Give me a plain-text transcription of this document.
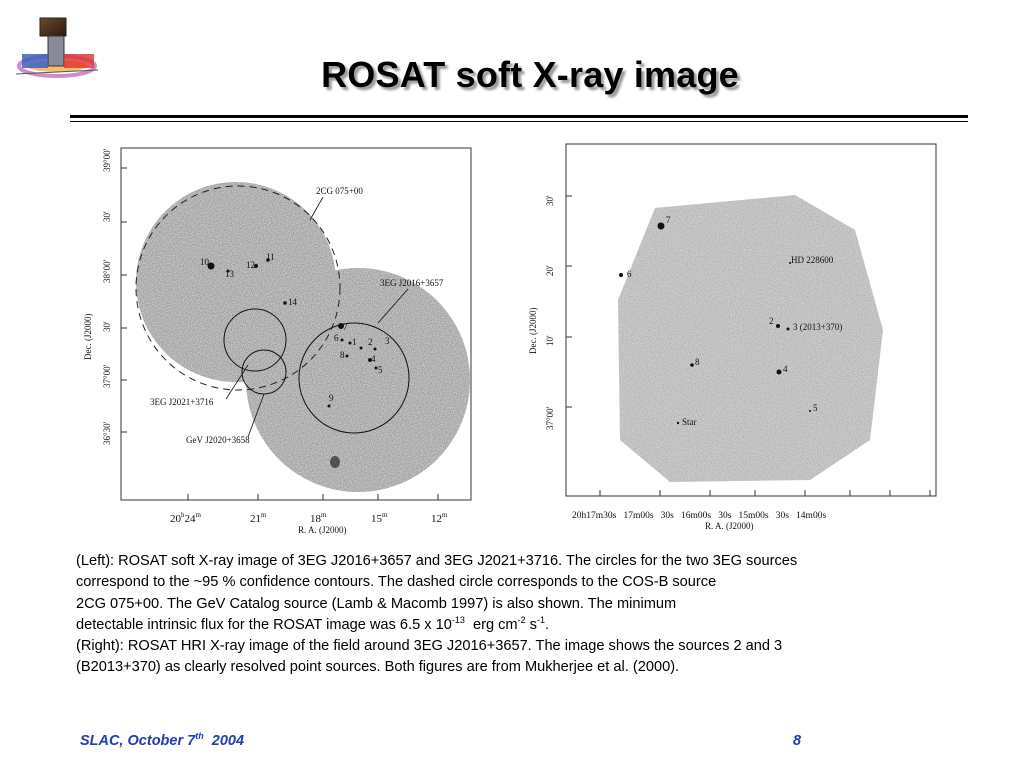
ROSAT soft X-ray image
10
13
12
11
14
7
6 1 2 3
8	4
5
9
2CG 075+00
3EG J2016+3657
3EG J2021+3716
GeV J2020+3658
39°00'
30'
38°00'
30'
37°00'
36°30'
Dec. (J2000)
20$^h$24$^m$	21$^m$	18$^m$	15$^m$	12$^m$
R. A. (J2000)
7
6
2
8
4
5
HD 228600
3 (2013+370)
Star
30'
20'
10'
37°00'
Dec. (J2000)
20h17m30s   17m00s   30s   16m00s   30s   15m00s   30s   14m00s
R. A. (J2000)
(Left): ROSAT soft X-ray image of 3EG J2016+3657 and 3EG J2021+3716. The circles for the two 3EG sources
correspond to the ~95 % confidence contours. The dashed circle corresponds to the COS-B source
2CG 075+00. The GeV Catalog source (Lamb & Macomb 1997) is also shown. The minimum
detectable intrinsic flux for the ROSAT image was 6.5 x $10^{-13}$  erg $cm^{-2}$ $s^{-1}$.
(Right): ROSAT HRI X-ray image of the field around 3EG J2016+3657. The image shows the sources 2 and 3
(B2013+370) as clearly resolved point sources. Both figures are from Mukherjee et al. (2000).
SLAC, October 7th 2004	8
